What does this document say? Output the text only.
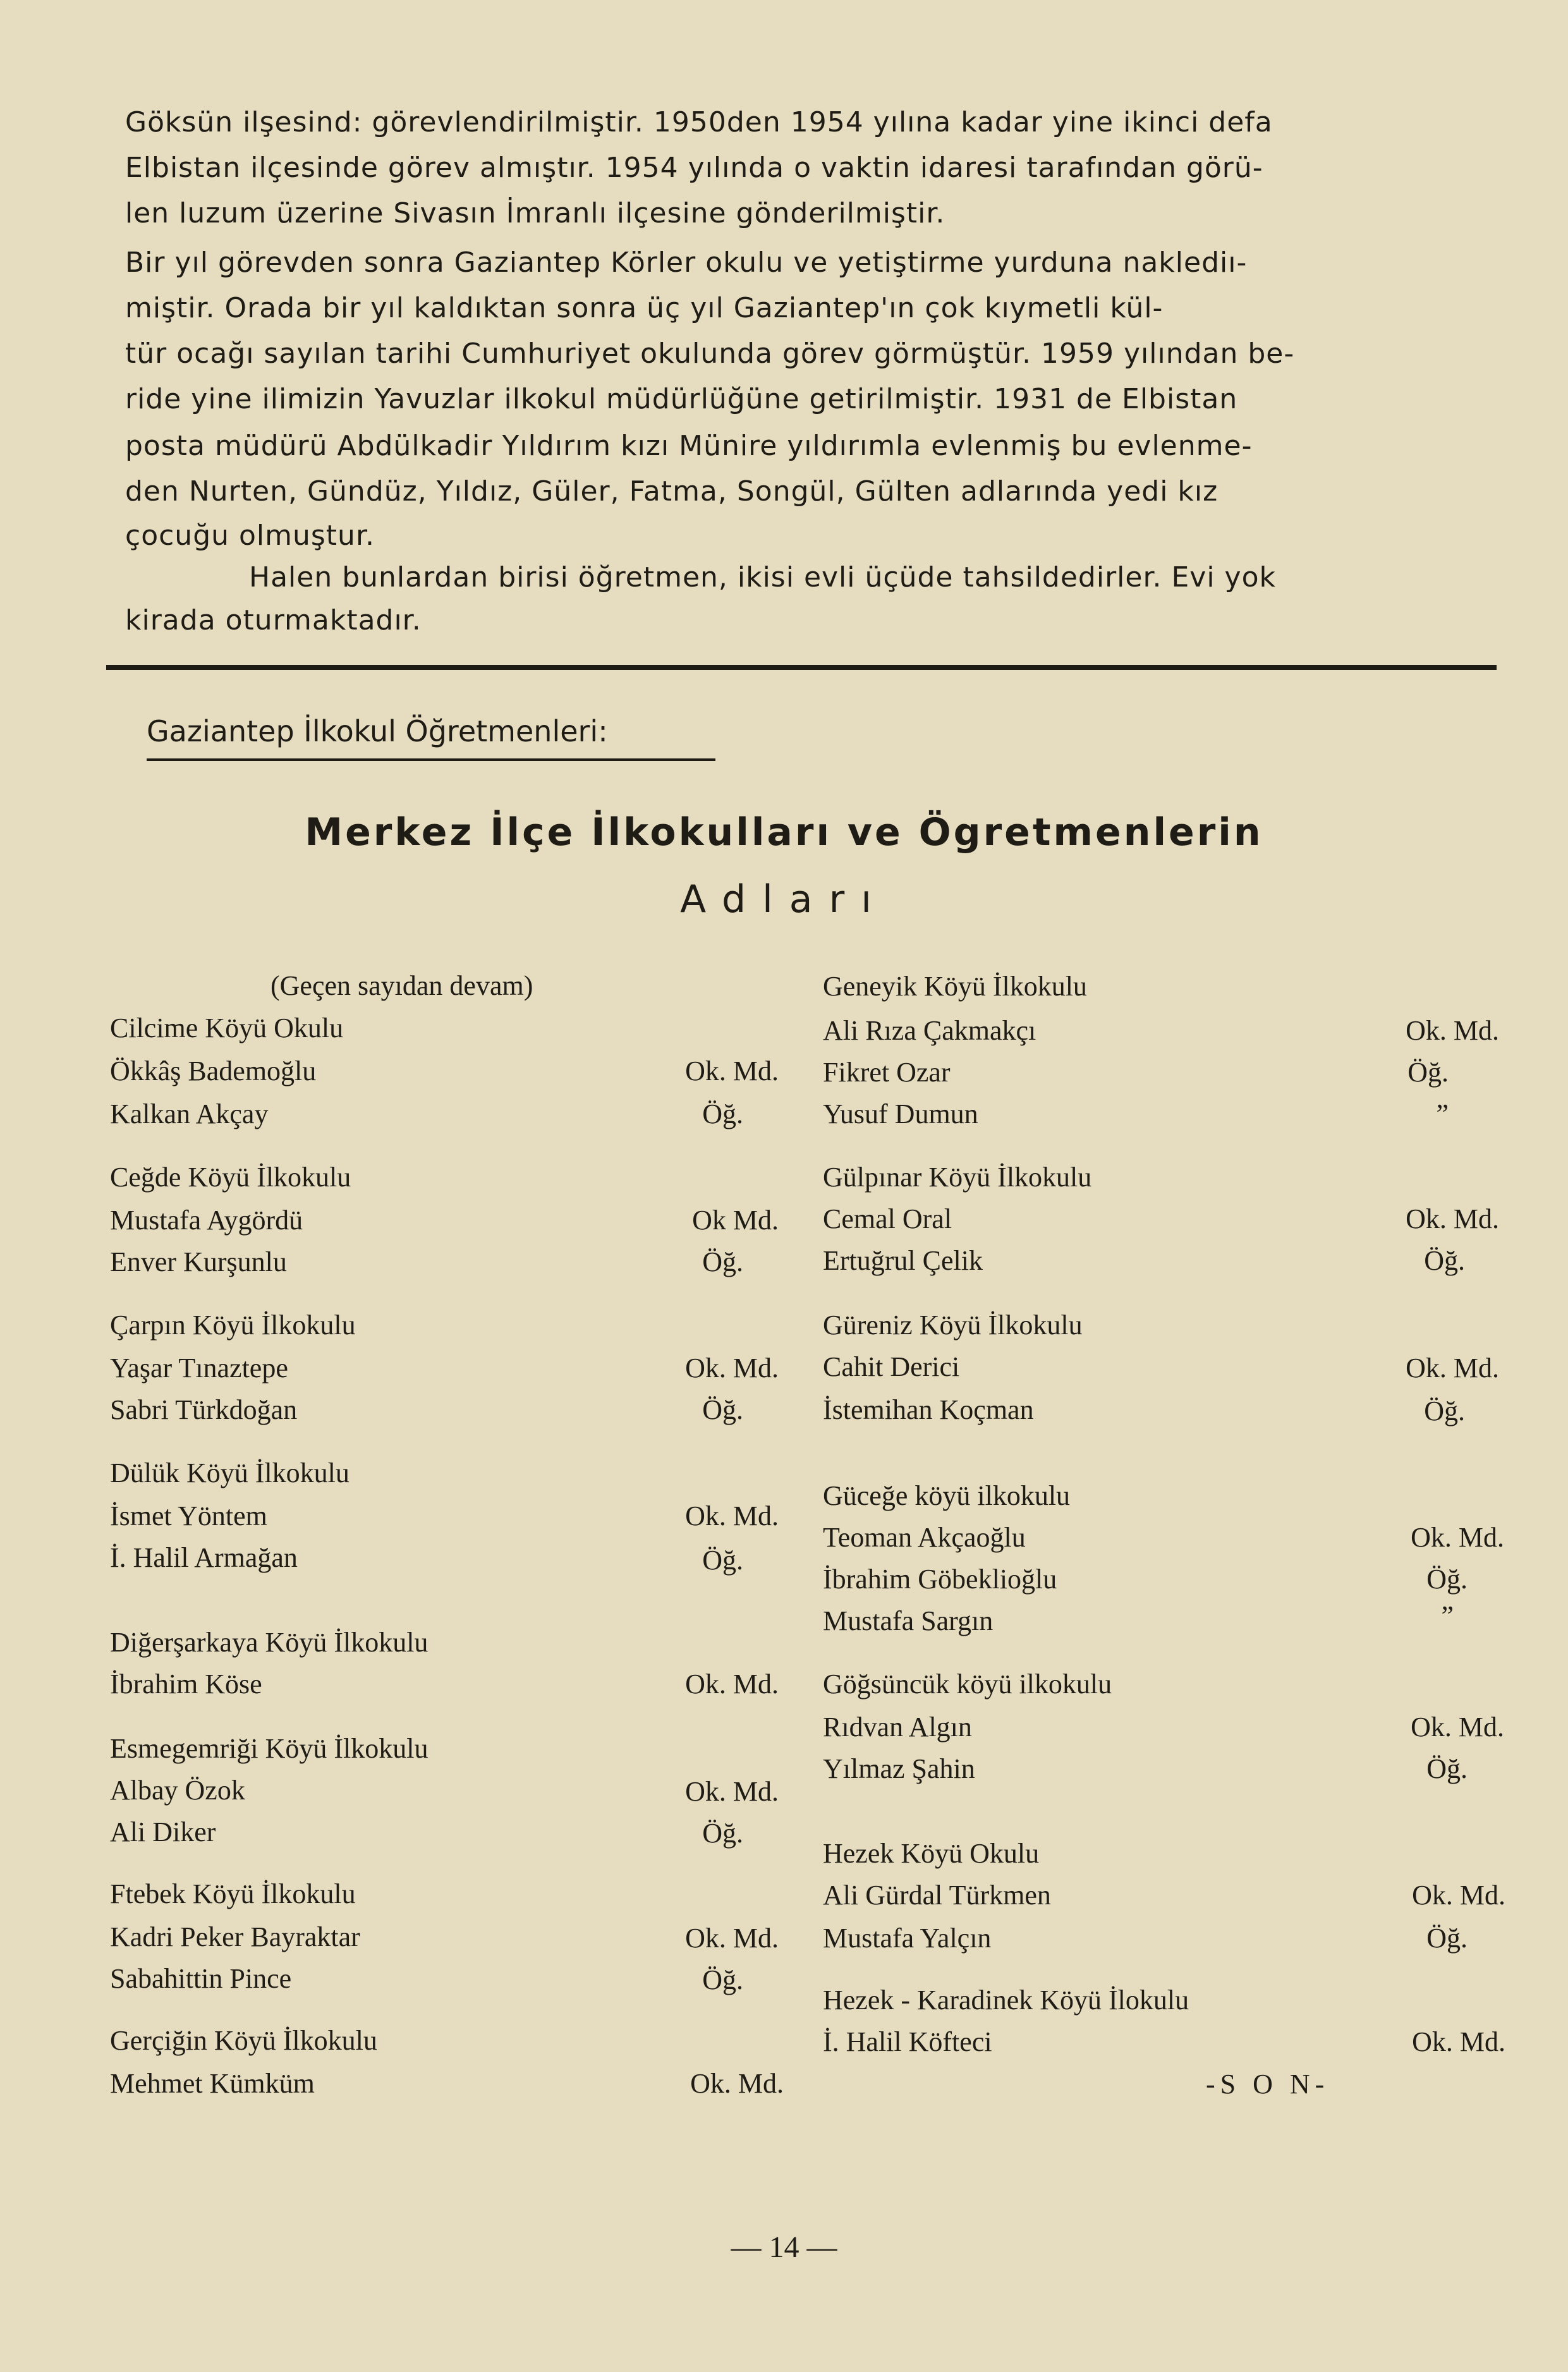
Göksün ilşesind: görevlendirilmiştir. 1950den 1954 yılına kadar yine ikinci defa
Elbistan ilçesinde görev almıştır. 1954 yılında o vaktin idaresi tarafından görü-
len luzum üzerine Sivasın İmranlı ilçesine gönderilmiştir.
Bir yıl görevden sonra Gaziantep Körler okulu ve yetiştirme yurduna naklediı-
miştir. Orada bir yıl kaldıktan sonra üç yıl Gaziantep'ın çok kıymetli kül-
tür ocağı sayılan tarihi Cumhuriyet okulunda görev görmüştür. 1959 yılından be-
ride yine ilimizin Yavuzlar ilkokul müdürlüğüne getirilmiştir. 1931 de Elbistan
posta müdürü Abdülkadir Yıldırım kızı Münire yıldırımla evlenmiş bu evlenme-
den Nurten, Gündüz, Yıldız, Güler, Fatma, Songül, Gülten adlarında yedi kız
çocuğu olmuştur.
Halen bunlardan birisi öğretmen, ikisi evli üçüde tahsildedirler. Evi yok
kirada oturmaktadır.
Gaziantep İlkokul Öğretmenleri:
Merkez İlçe İlkokulları ve Ögretmenlerin
Adları
(Geçen sayıdan devam)
Cilcime Köyü Okulu
Ökkâş Bademoğlu	Ok. Md.
Kalkan Akçay	Öğ.
Ceğde Köyü İlkokulu
Mustafa Aygördü	Ok Md.
Enver Kurşunlu	Öğ.
Çarpın Köyü İlkokulu
Yaşar Tınaztepe	Ok. Md.
Sabri Türkdoğan	Öğ.
Dülük Köyü İlkokulu
İsmet Yöntem	Ok. Md.
İ. Halil Armağan	Öğ.
Diğerşarkaya Köyü İlkokulu
İbrahim Köse	Ok. Md.
Esmegemriği Köyü İlkokulu
Albay Özok	Ok. Md.
Ali Diker	Öğ.
Ftebek Köyü İlkokulu
Kadri Peker Bayraktar	Ok. Md.
Sabahittin Pince	Öğ.
Gerçiğin Köyü İlkokulu
Mehmet Kümküm	Ok. Md.
Geneyik Köyü İlkokulu
Ali Rıza Çakmakçı	Ok. Md.
Fikret Ozar	Öğ.
Yusuf Dumun	”
Gülpınar Köyü İlkokulu
Cemal Oral	Ok. Md.
Ertuğrul Çelik	Öğ.
Güreniz Köyü İlkokulu
Cahit Derici	Ok. Md.
İstemihan Koçman	Öğ.
Güceğe köyü ilkokulu
Teoman Akçaoğlu	Ok. Md.
İbrahim Göbeklioğlu	Öğ.
Mustafa Sargın	”
Göğsüncük köyü ilkokulu
Rıdvan Algın	Ok. Md.
Yılmaz Şahin	Öğ.
Hezek Köyü Okulu
Ali Gürdal Türkmen	Ok. Md.
Mustafa Yalçın	Öğ.
Hezek - Karadinek Köyü İlokulu
İ. Halil Köfteci	Ok. Md.
-S O N-
— 14 —
